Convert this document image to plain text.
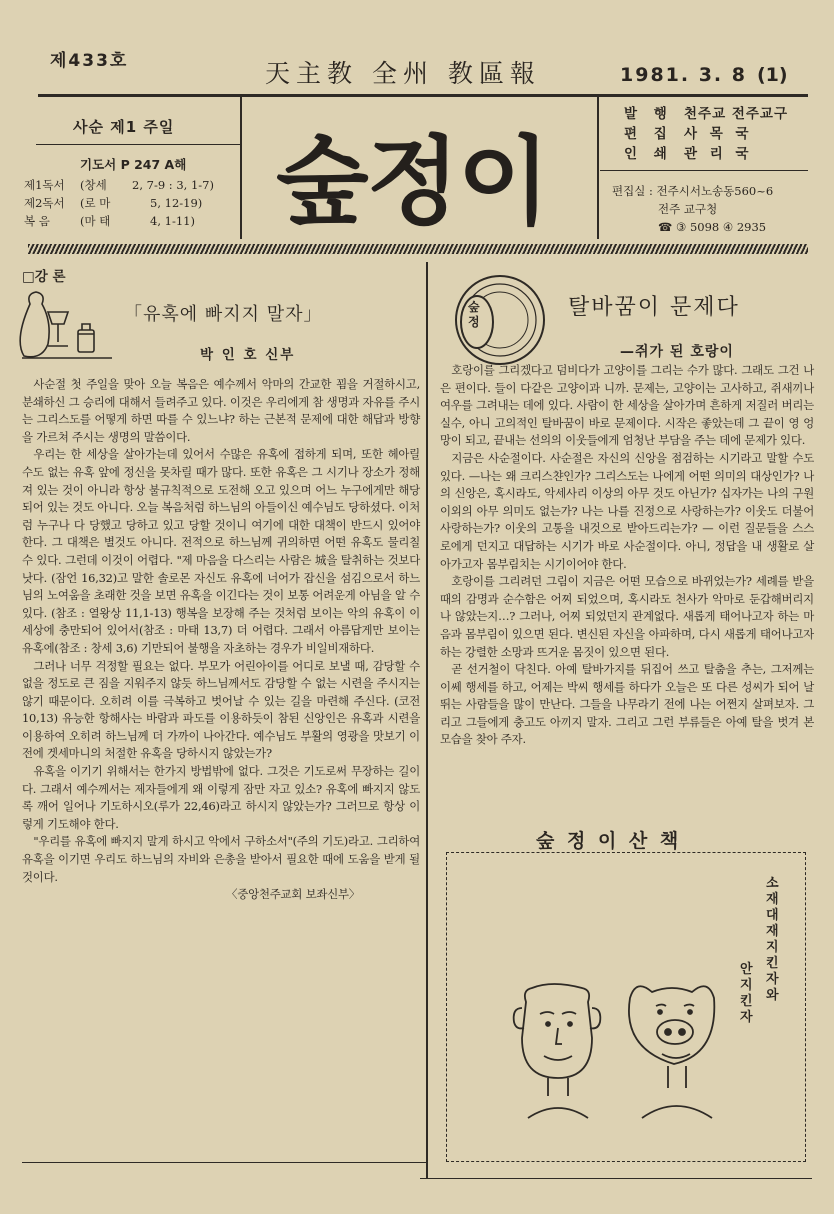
제433호	天主教 全州 教區報	1981. 3. 8 (1)
사순 제1 주일
기도서 P 247 A해
제1독서	(창세	2, 7-9 : 3, 1-7)
제2독서	(로 마	5, 12-19)
복 음	(마 태	4, 1-11) 숲정이
발 행 천주교 전주교구
편 집 사 목 국
인 쇄 관 리 국
편집실 : 전주시서노송동560~6
전주 교구청
☎ ③ 5098 ④ 2935
□강 론
「유혹에 빠지지 말자」
박 인 호 신부

사순절 첫 주일을 맞아 오늘 복음은 예수께서 악마의 간교한 꾐을 거절하시고, 분쇄하신 그 승리에 대해서 들려주고 있다. 이것은 우리에게 참 생명과 자유를 주시는 그리스도를 어떻게 하면 따를 수 있느냐? 하는 근본적 문제에 대한 해답과 방향을 가르쳐 주시는 생명의 말씀이다.

우리는 한 세상을 살아가는데 있어서 수많은 유혹에 접하게 되며, 또한 헤아릴 수도 없는 유혹 앞에 정신을 못차릴 때가 많다. 또한 유혹은 그 시기나 장소가 정해져 있는 것이 아니라 항상 불규칙적으로 도전해 오고 있으며 어느 누구에게만 해당되어 있는 것도 아니다. 오늘 복음처럼 하느님의 아들이신 예수님도 당하셨다. 이처럼 누구나 다 당했고 당하고 있고 당할 것이니 여기에 대한 대책이 반드시 있어야 한다. 그 대책은 별것도 아니다. 전적으로 하느님께 귀의하면 어떤 유혹도 물리칠 수 있다. 그런데 이것이 어렵다. "제 마음을 다스리는 사람은 城을 탈취하는 것보다 낫다. (잠언 16,32)고 말한 솔로몬 자신도 유혹에 너어가 잡신을 섬김으로서 하느님의 노여움을 초래한 것을 보면 유혹을 이긴다는 것이 보통 어려운게 아님을 알 수 있다. (참조 : 열왕상 11,1-13) 행복을 보장해 주는 것처럼 보이는 악의 유혹이 이 세상에 충만되어 있어서(참조 : 마태 13,7) 더 어렵다. 그래서 아름답게만 보이는 유혹에(참조 : 창세 3,6) 기만되어 불행을 자초하는 경우가 비일비재하다.

그러나 너무 걱정할 필요는 없다. 부모가 어린아이를 어디로 보낼 때, 감당할 수 없을 정도로 큰 짐을 지워주지 않듯 하느님께서도 감당할 수 없는 시련을 주시지는 않기 때문이다. 오히려 이를 극복하고 벗어날 수 있는 길을 마련해 주신다. (코전 10,13) 유능한 항해사는 바람과 파도를 이용하듯이 참된 신앙인은 유혹과 시련을 이용하여 오히려 하느님께 더 가까이 나아간다. 예수님도 부활의 영광을 맛보기 이전에 겟세마니의 처절한 유혹을 당하시지 않았는가?

유혹을 이기기 위해서는 한가지 방법밖에 없다. 그것은 기도로써 무장하는 길이다. 그래서 예수께서는 제자들에게 왜 이렇게 잠만 자고 있소? 유혹에 빠지지 않도록 깨어 일어나 기도하시오(루가 22,46)라고 하시지 않았는가? 그러므로 항상 이렇게 기도해야 한다.

"우리를 유혹에 빠지지 말게 하시고 악에서 구하소서"(주의 기도)라고. 그리하여 유혹을 이기면 우리도 하느님의 자비와 은총을 받아서 필요한 때에 도움을 받게 될 것이다.

〈중앙천주교회 보좌신부〉
숲
정
탈바꿈이 문제다
—쥐가 된 호랑이

호랑이를 그리겠다고 덤비다가 고양이를 그리는 수가 많다. 그래도 그건 나은 편이다. 들이 다같은 고양이과 니까. 문제는, 고양이는 고사하고, 쥐새끼나 여우를 그려내는 데에 있다. 사람이 한 세상을 살아가며 흔하게 저질러 버리는 실수, 아니 고의적인 탈바꿈이 바로 문제이다. 시작은 좋았는데 그 끝이 영 엉망이 되고, 끝내는 선의의 이웃들에게 엄청난 부담을 주는 데에 문제가 있다.

지금은 사순절이다. 사순절은 자신의 신앙을 점검하는 시기라고 말할 수도 있다. —나는 왜 크리스챤인가? 그리스도는 나에게 어떤 의미의 대상인가? 나의 신앙은, 혹시라도, 악세사리 이상의 아무 것도 아닌가? 십자가는 나의 구원 이외의 아무 의미도 없는가? 나는 나를 진정으로 사랑하는가? 이웃도 더불어 사랑하는가? 이웃의 고통을 내것으로 받아드리는가? — 이런 질문들을 스스로에게 던지고 대답하는 시기가 바로 사순절이다. 아니, 정답을 내 생활로 살아가고자 몸부림치는 시기이어야 한다.

호랑이를 그리려던 그림이 지금은 어떤 모습으로 바뀌었는가? 세례를 받을 때의 감명과 순수함은 어찌 되었으며, 혹시라도 천사가 악마로 둔갑해버리지나 않았는지…? 그러나, 어찌 되었던지 관계없다. 새롭게 태어나고자 하는 마음과 몸부림이 있으면 된다. 변신된 자신을 아파하며, 다시 새롭게 태어나고자 하는 강렬한 소망과 뜨거운 몸짓이 있으면 된다.

곧 선거철이 닥친다. 아예 탈바가지를 뒤집어 쓰고 탈춤을 추는, 그저께는 이쎄 행세를 하고, 어제는 박씨 행세를 하다가 오늘은 또 다른 성씨가 되어 날뛰는 사람들을 많이 만난다. 그들을 나무라기 전에 나는 어쩐지 살펴보자. 그리고 그들에게 충고도 아끼지 말자. 그리고 그런 부류들은 아예 탈을 벗겨 본 모습을 찾아 주자.

숲 정 이 산 책
소재 대재 지킨자와
안지킨자
